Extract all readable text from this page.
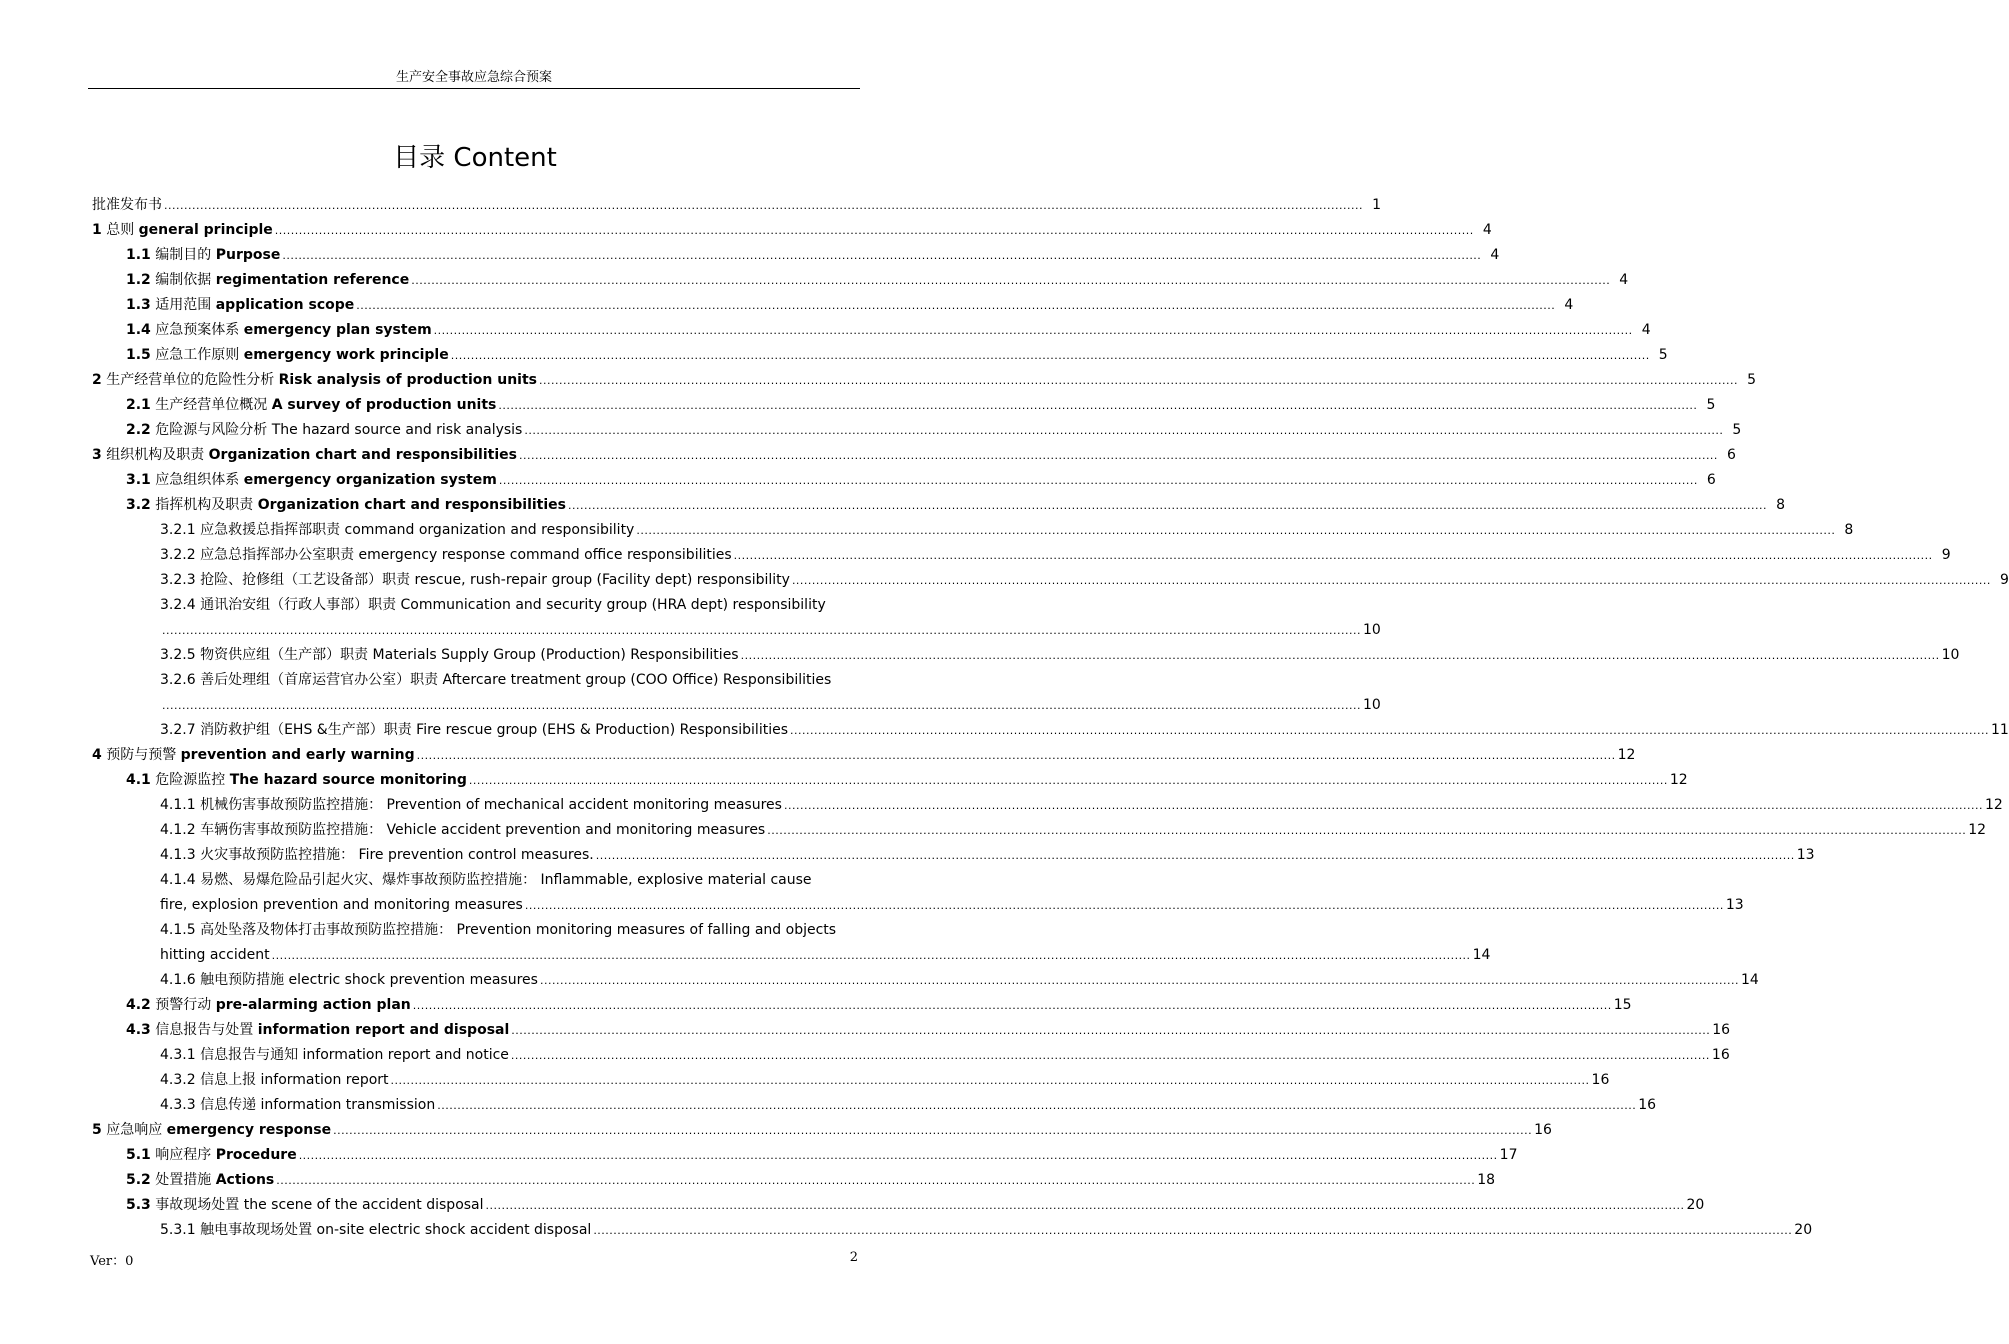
生产安全事故应急综合预案
目录 Content
批准发布书 ............................................................................................................................................................................................................................................................................................................ 1
1 总则 general principle ............................................................................................................................................................................................................................................................................................................ 4
1.1 编制目的 Purpose ............................................................................................................................................................................................................................................................................................................ 4
1.2 编制依据 regimentation reference ............................................................................................................................................................................................................................................................................................................ 4
1.3 适用范围 application scope ............................................................................................................................................................................................................................................................................................................ 4
1.4 应急预案体系 emergency plan system ............................................................................................................................................................................................................................................................................................................ 4
1.5 应急工作原则 emergency work principle ............................................................................................................................................................................................................................................................................................................ 5
2 生产经营单位的危险性分析 Risk analysis of production units ............................................................................................................................................................................................................................................................................................................ 5
2.1 生产经营单位概况 A survey of production units ............................................................................................................................................................................................................................................................................................................ 5
2.2 危险源与风险分析 The hazard source and risk analysis ............................................................................................................................................................................................................................................................................................................ 5
3 组织机构及职责 Organization chart and responsibilities ............................................................................................................................................................................................................................................................................................................ 6
3.1 应急组织体系 emergency organization system ............................................................................................................................................................................................................................................................................................................ 6
3.2 指挥机构及职责 Organization chart and responsibilities ............................................................................................................................................................................................................................................................................................................ 8
3.2.1 应急救援总指挥部职责 command organization and responsibility ............................................................................................................................................................................................................................................................................................................ 8
3.2.2 应急总指挥部办公室职责 emergency response command office responsibilities ............................................................................................................................................................................................................................................................................................................ 9
3.2.3 抢险、抢修组（工艺设备部）职责 rescue, rush-repair group (Facility dept) responsibility ............................................................................................................................................................................................................................................................................................................ 9
3.2.4 通讯治安组（行政人事部）职责 Communication and security group (HRA dept) responsibility
............................................................................................................................................................................................................................................................................................................ 10
3.2.5 物资供应组（生产部）职责 Materials Supply Group (Production) Responsibilities ............................................................................................................................................................................................................................................................................................................ 10
3.2.6 善后处理组（首席运营官办公室）职责 Aftercare treatment group (COO Office) Responsibilities
............................................................................................................................................................................................................................................................................................................ 10
3.2.7 消防救护组（EHS &生产部）职责 Fire rescue group (EHS & Production) Responsibilities ............................................................................................................................................................................................................................................................................................................ 11
4 预防与预警 prevention and early warning ............................................................................................................................................................................................................................................................................................................ 12
4.1 危险源监控 The hazard source monitoring ............................................................................................................................................................................................................................................................................................................ 12
4.1.1 机械伤害事故预防监控措施： Prevention of mechanical accident monitoring measures ............................................................................................................................................................................................................................................................................................................ 12
4.1.2 车辆伤害事故预防监控措施： Vehicle accident prevention and monitoring measures ............................................................................................................................................................................................................................................................................................................ 12
4.1.3 火灾事故预防监控措施： Fire prevention control measures. ............................................................................................................................................................................................................................................................................................................ 13
4.1.4 易燃、易爆危险品引起火灾、爆炸事故预防监控措施： Inflammable, explosive material cause
fire, explosion prevention and monitoring measures ............................................................................................................................................................................................................................................................................................................ 13
4.1.5 高处坠落及物体打击事故预防监控措施： Prevention monitoring measures of falling and objects
hitting accident ............................................................................................................................................................................................................................................................................................................ 14
4.1.6 触电预防措施 electric shock prevention measures ............................................................................................................................................................................................................................................................................................................ 14
4.2 预警行动 pre-alarming action plan ............................................................................................................................................................................................................................................................................................................ 15
4.3 信息报告与处置 information report and disposal ............................................................................................................................................................................................................................................................................................................ 16
4.3.1 信息报告与通知 information report and notice ............................................................................................................................................................................................................................................................................................................ 16
4.3.2 信息上报 information report ............................................................................................................................................................................................................................................................................................................ 16
4.3.3 信息传递 information transmission ............................................................................................................................................................................................................................................................................................................ 16
5 应急响应 emergency response ............................................................................................................................................................................................................................................................................................................ 16
5.1 响应程序 Procedure ............................................................................................................................................................................................................................................................................................................ 17
5.2 处置措施 Actions ............................................................................................................................................................................................................................................................................................................ 18
5.3 事故现场处置 the scene of the accident disposal ............................................................................................................................................................................................................................................................................................................ 20
5.3.1 触电事故现场处置 on-site electric shock accident disposal ............................................................................................................................................................................................................................................................................................................ 20
Ver：0	2
